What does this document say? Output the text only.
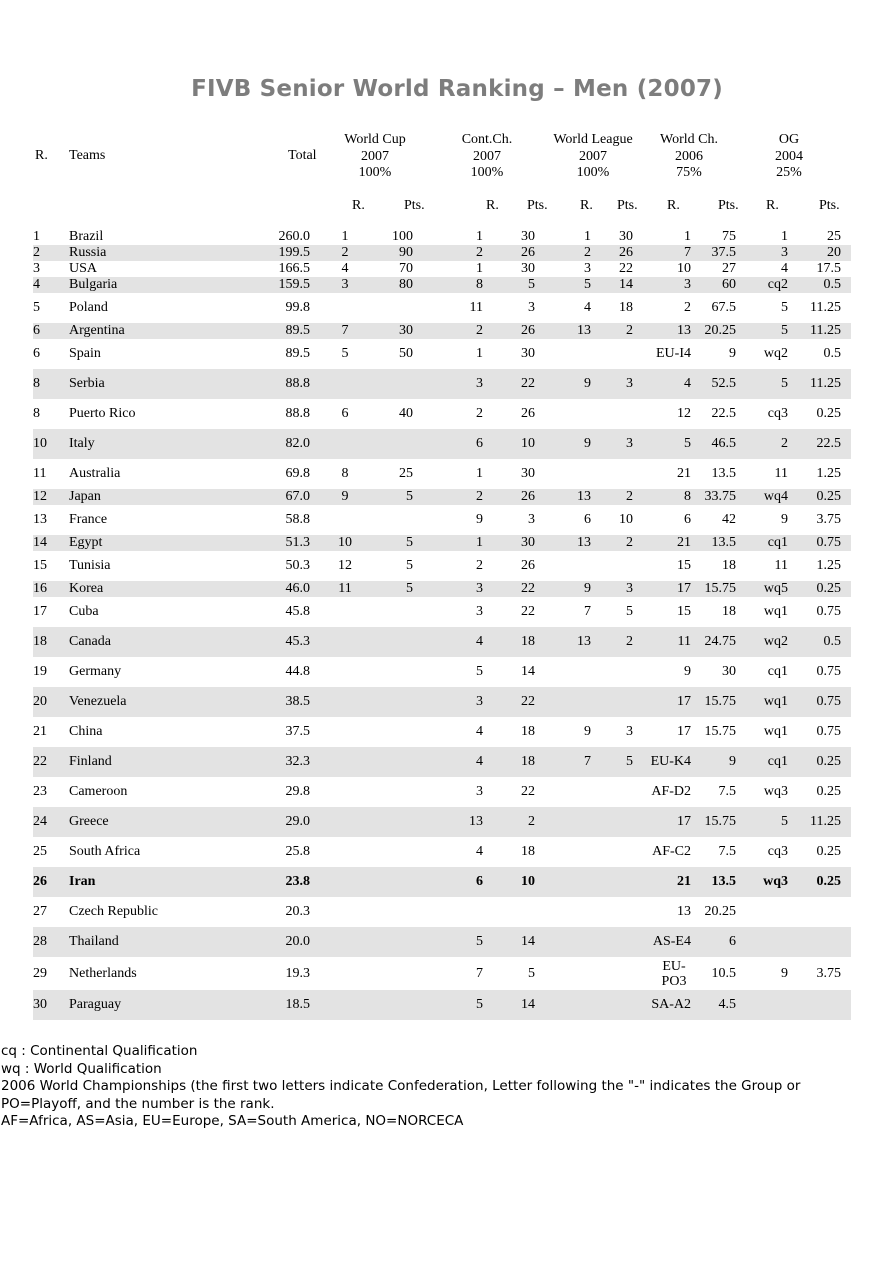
FIVB Senior World Ranking – Men (2007)
R. Teams	Total
World Cup
2007
100%
Cont.Ch.
2007
100%
World League
2007
100%
World Ch.
2006
75%
OG
2004
25%
R.	Pts.	R. Pts. R. Pts. R.	Pts. R.	Pts.
1	Brazil	260.0	1	100	1	30	1	30	1	75	1	25
2	Russia	199.5	2	90	2	26	2	26	7	37.5	3	20
3	USA	166.5	4	70	1	30	3	22	10	27	4	17.5
4	Bulgaria	159.5	3	80	8	5	5	14	3	60	cq2	0.5
5	Poland	99.8			11	3	4	18	2	67.5	5	11.25
6	Argentina	89.5	7	30	2	26	13	2	13	20.25	5	11.25
6	Spain	89.5	5	50	1	30			EU-I4	9	wq2	0.5
8	Serbia	88.8			3	22	9	3	4	52.5	5	11.25
8	Puerto Rico	88.8	6	40	2	26			12	22.5	cq3	0.25
10	Italy	82.0			6	10	9	3	5	46.5	2	22.5
11	Australia	69.8	8	25	1	30			21	13.5	11	1.25
12	Japan	67.0	9	5	2	26	13	2	8	33.75	wq4	0.25
13	France	58.8			9	3	6	10	6	42	9	3.75
14	Egypt	51.3	10	5	1	30	13	2	21	13.5	cq1	0.75
15	Tunisia	50.3	12	5	2	26			15	18	11	1.25
16	Korea	46.0	11	5	3	22	9	3	17	15.75	wq5	0.25
17	Cuba	45.8			3	22	7	5	15	18	wq1	0.75
18	Canada	45.3			4	18	13	2	11	24.75	wq2	0.5
19	Germany	44.8			5	14			9	30	cq1	0.75
20	Venezuela	38.5			3	22			17	15.75	wq1	0.75
21	China	37.5			4	18	9	3	17	15.75	wq1	0.75
22	Finland	32.3			4	18	7	5	EU-K4	9	cq1	0.25
23	Cameroon	29.8			3	22			AF-D2	7.5	wq3	0.25
24	Greece	29.0			13	2			17	15.75	5	11.25
25	South Africa	25.8			4	18			AF-C2	7.5	cq3	0.25
26	Iran	23.8			6	10			21	13.5	wq3	0.25
27	Czech Republic	20.3							13	20.25		
28	Thailand	20.0			5	14			AS-E4	6		
29	Netherlands	19.3			7	5			EU-PO3	10.5	9	3.75
30	Paraguay	18.5			5	14			SA-A2	4.5		
cq : Continental Qualification
wq : World Qualification
2006 World Championships (the first two letters indicate Confederation, Letter following the "-" indicates the Group or PO=Playoff, and the number is the rank.
AF=Africa, AS=Asia, EU=Europe, SA=South America, NO=NORCECA
